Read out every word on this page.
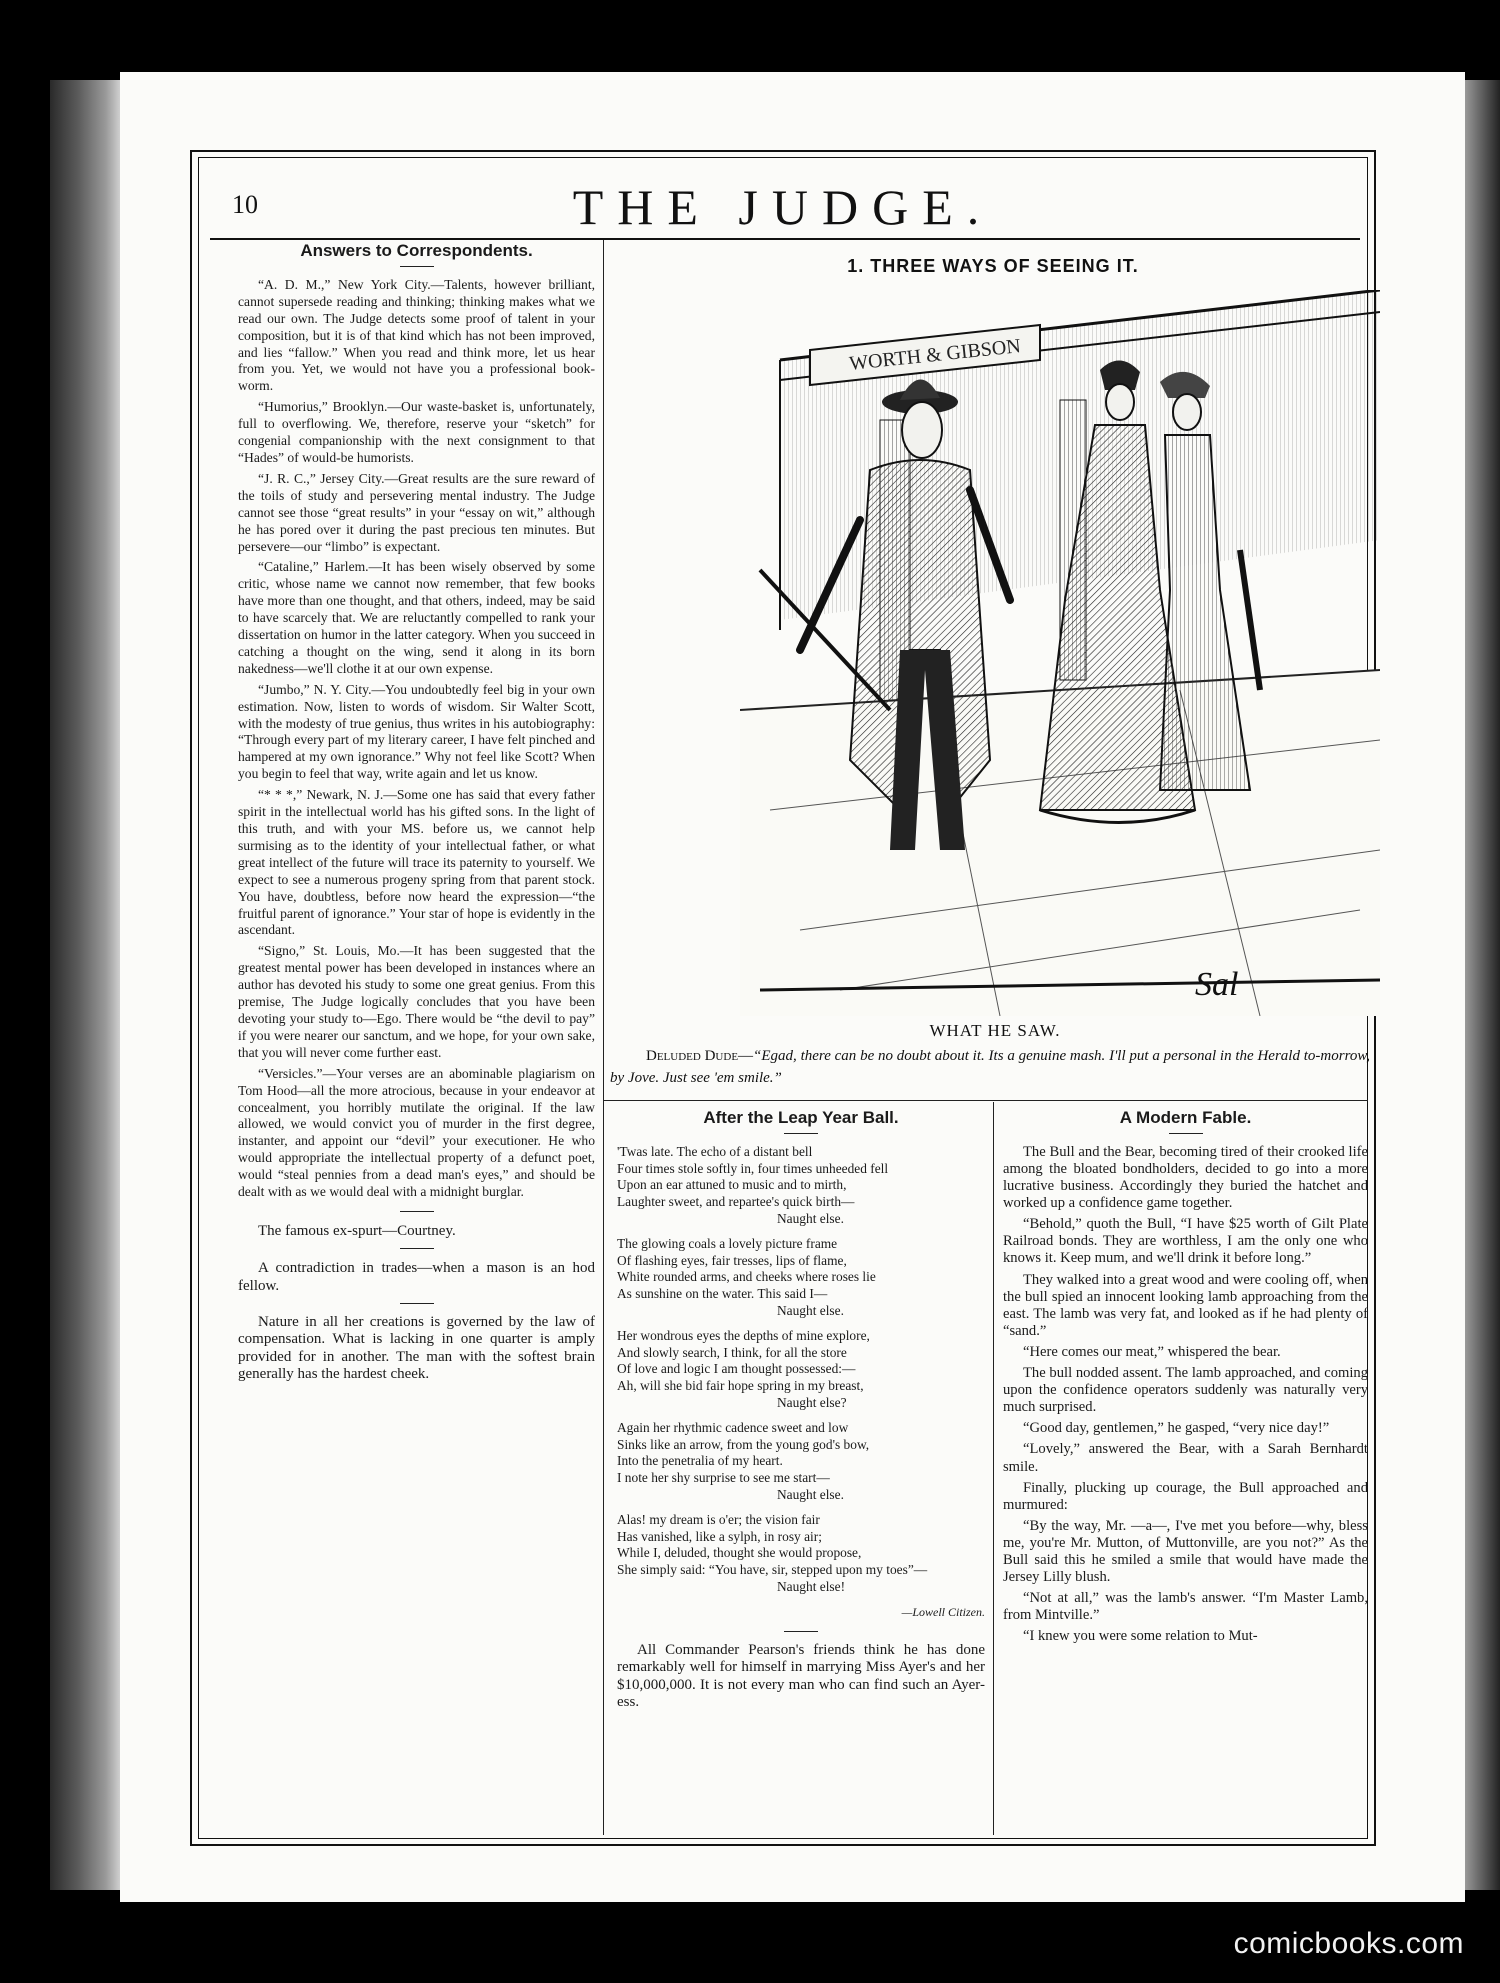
10	THE JUDGE.
Answers to Correspondents.

“A. D. M.,” New York City.—Talents, however brilliant, cannot supersede reading and thinking; thinking makes what we read our own. The Judge detects some proof of talent in your composition, but it is of that kind which has not been improved, and lies “fallow.” When you read and think more, let us hear from you. Yet, we would not have you a professional book-worm.

“Humorius,” Brooklyn.—Our waste-basket is, unfortunately, full to overflowing. We, therefore, reserve your “sketch” for congenial companionship with the next consignment to that “Hades” of would-be humorists.

“J. R. C.,” Jersey City.—Great results are the sure reward of the toils of study and persevering mental industry. The Judge cannot see those “great results” in your “essay on wit,” although he has pored over it during the past precious ten minutes. But persevere—our “limbo” is expectant.

“Cataline,” Harlem.—It has been wisely observed by some critic, whose name we cannot now remember, that few books have more than one thought, and that others, indeed, may be said to have scarcely that. We are reluctantly compelled to rank your dissertation on humor in the latter category. When you succeed in catching a thought on the wing, send it along in its born nakedness—we'll clothe it at our own expense.

“Jumbo,” N. Y. City.—You undoubtedly feel big in your own estimation. Now, listen to words of wisdom. Sir Walter Scott, with the modesty of true genius, thus writes in his autobiography: “Through every part of my literary career, I have felt pinched and hampered at my own ignorance.” Why not feel like Scott? When you begin to feel that way, write again and let us know.

“* * *,” Newark, N. J.—Some one has said that every father spirit in the intellectual world has his gifted sons. In the light of this truth, and with your MS. before us, we cannot help surmising as to the identity of your intellectual father, or what great intellect of the future will trace its paternity to yourself. We expect to see a numerous progeny spring from that parent stock. You have, doubtless, before now heard the expression—“the fruitful parent of ignorance.” Your star of hope is evidently in the ascendant.

“Signo,” St. Louis, Mo.—It has been suggested that the greatest mental power has been developed in instances where an author has devoted his study to some one great genius. From this premise, The Judge logically concludes that you have been devoting your study to—Ego. There would be “the devil to pay” if you were nearer our sanctum, and we hope, for your own sake, that you will never come further east.

“Versicles.”—Your verses are an abominable plagiarism on Tom Hood—all the more atrocious, because in your endeavor at concealment, you horribly mutilate the original. If the law allowed, we would convict you of murder in the first degree, instanter, and appoint our “devil” your executioner. He who would appropriate the intellectual property of a defunct poet, would “steal pennies from a dead man's eyes,” and should be dealt with as we would deal with a midnight burglar.

The famous ex-spurt—Courtney.

A contradiction in trades—when a mason is an hod fellow.

Nature in all her creations is governed by the law of compensation. What is lacking in one quarter is amply provided for in another. The man with the softest brain generally has the hardest cheek.

1. THREE WAYS OF SEEING IT.
WORTH & GIBSON
Sal
WHAT HE SAW.
Deluded Dude—“Egad, there can be no doubt about it. Its a genuine mash. I'll put a personal in the Herald to-morrow, by Jove. Just see 'em smile.”
After the Leap Year Ball.
'Twas late. The echo of a distant bell
Four times stole softly in, four times unheeded fell
Upon an ear attuned to music and to mirth,
Laughter sweet, and repartee's quick birth—
Naught else.
The glowing coals a lovely picture frame
Of flashing eyes, fair tresses, lips of flame,
White rounded arms, and cheeks where roses lie
As sunshine on the water. This said I—
Naught else.
Her wondrous eyes the depths of mine explore,
And slowly search, I think, for all the store
Of love and logic I am thought possessed:—
Ah, will she bid fair hope spring in my breast,
Naught else?
Again her rhythmic cadence sweet and low
Sinks like an arrow, from the young god's bow,
Into the penetralia of my heart.
I note her shy surprise to see me start—
Naught else.
Alas! my dream is o'er; the vision fair
Has vanished, like a sylph, in rosy air;
While I, deluded, thought she would propose,
She simply said: “You have, sir, stepped upon my toes”—
Naught else!
—Lowell Citizen.

All Commander Pearson's friends think he has done remarkably well for himself in marrying Miss Ayer's and her $10,000,000. It is not every man who can find such an Ayer-ess.

A Modern Fable.

The Bull and the Bear, becoming tired of their crooked life among the bloated bondholders, decided to go into a more lucrative business. Accordingly they buried the hatchet and worked up a confidence game together.

“Behold,” quoth the Bull, “I have $25 worth of Gilt Plate Railroad bonds. They are worthless, I am the only one who knows it. Keep mum, and we'll drink it before long.”

They walked into a great wood and were cooling off, when the bull spied an innocent looking lamb approaching from the east. The lamb was very fat, and looked as if he had plenty of “sand.”

“Here comes our meat,” whispered the bear.

The bull nodded assent. The lamb approached, and coming upon the confidence operators suddenly was naturally very much surprised.

“Good day, gentlemen,” he gasped, “very nice day!”

“Lovely,” answered the Bear, with a Sarah Bernhardt smile.

Finally, plucking up courage, the Bull approached and murmured:

“By the way, Mr. —a—, I've met you before—why, bless me, you're Mr. Mutton, of Muttonville, are you not?” As the Bull said this he smiled a smile that would have made the Jersey Lilly blush.

“Not at all,” was the lamb's answer. “I'm Master Lamb, from Mintville.”

“I knew you were some relation to Mut-

comicbooks.com
